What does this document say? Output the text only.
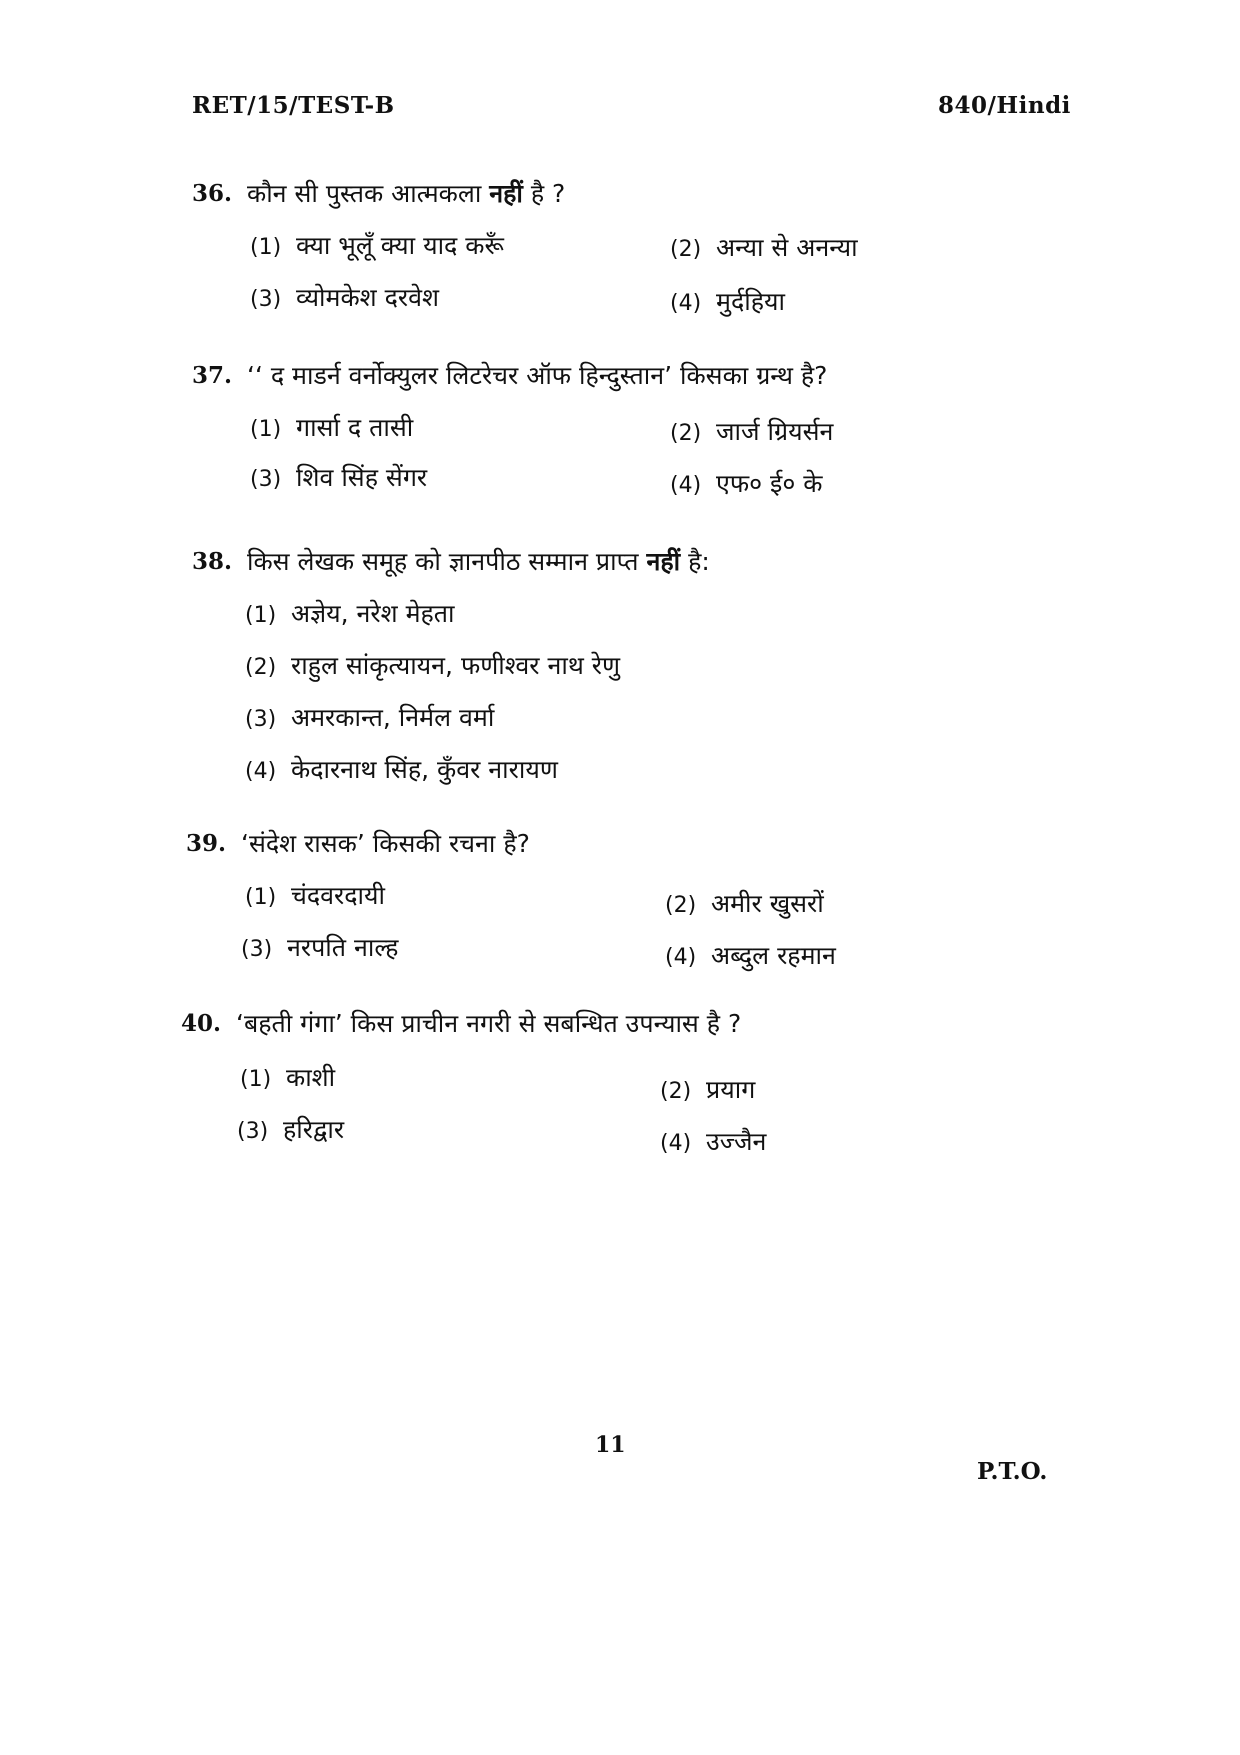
RET/15/TEST-B	840/Hindi
36. कौन सी पुस्तक आत्मकला नहीं है ?
(1) क्या भूलूँ क्या याद करूँ	(2) अन्या से अनन्या
(3) व्योमकेश दरवेश	(4) मुर्दहिया
37. ‘‘ द माडर्न वर्नोक्युलर लिटरेचर ऑफ हिन्दुस्तान’ किसका ग्रन्थ है?
(1) गार्सा द तासी	(2) जार्ज ग्रियर्सन
(3) शिव सिंह सेंगर	(4) एफ० ई० के
38. किस लेखक समूह को ज्ञानपीठ सम्मान प्राप्त नहीं है:
(1) अज्ञेय, नरेश मेहता
(2) राहुल सांकृत्यायन, फणीश्वर नाथ रेणु
(3) अमरकान्त, निर्मल वर्मा
(4) केदारनाथ सिंह, कुँवर नारायण
39. ‘संदेश रासक’ किसकी रचना है?
(1) चंदवरदायी	(2) अमीर खुसरों
(3) नरपति नाल्ह	(4) अब्दुल रहमान
40. ‘बहती गंगा’ किस प्राचीन नगरी से सबन्धित उपन्यास है ?
(1) काशी	(2) प्रयाग
(3) हरिद्वार	(4) उज्जैन
11
P.T.O.
